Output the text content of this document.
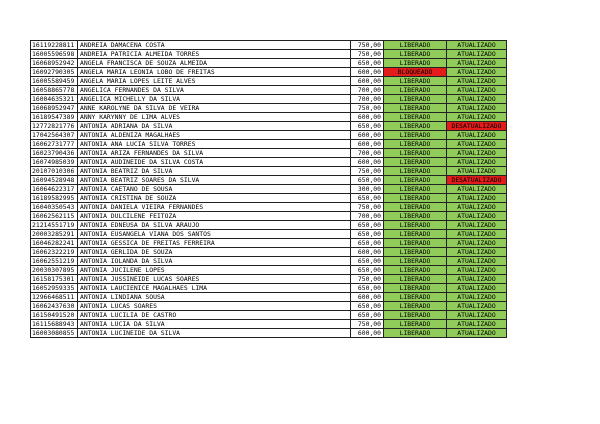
16119228811	ANDREIA DAMACENA COSTA	750,00	LIBERADO	ATUALIZADO
16005596598	ANDREIA PATRICIA ALMEIDA TORRES	750,00	LIBERADO	ATUALIZADO
16068952942	ANGELA FRANCISCA DE SOUZA ALMEIDA	650,00	LIBERADO	ATUALIZADO
16092790305	ANGELA MARIA LEONIA LOBO DE FREITAS	600,00	BLOQUEADO	ATUALIZADO
16005589459	ANGELA MARIA LOPES LEITE ALVES	600,00	LIBERADO	ATUALIZADO
16058865778	ANGELICA FERNANDES DA SILVA	700,00	LIBERADO	ATUALIZADO
16004635321	ANGELICA MICHELLY DA SILVA	700,00	LIBERADO	ATUALIZADO
16068952947	ANNE KAROLYNE DA SILVA DE VEIRA	750,00	LIBERADO	ATUALIZADO
16189547389	ANNY KARYNNY DE LIMA ALVES	600,00	LIBERADO	ATUALIZADO
12772821776	ANTONIA ADRIANA DA SILVA	650,00	LIBERADO	DESATUALIZADO
17042564307	ANTONIA ALDENIZA MAGALHAES	600,00	LIBERADO	ATUALIZADO
16062731777	ANTONIA ANA LUCIA SILVA TORRES	600,00	LIBERADO	ATUALIZADO
16023790436	ANTONIA ARIZA FERNANDES DA SILVA	700,00	LIBERADO	ATUALIZADO
16074985039	ANTONIA AUDINEIDE DA SILVA COSTA	600,00	LIBERADO	ATUALIZADO
20107010306	ANTONIA BEATRIZ DA SILVA	750,00	LIBERADO	ATUALIZADO
16094528948	ANTONIA BEATRIZ SOARES DA SILVA	650,00	LIBERADO	DESATUALIZADO
16064622317	ANTONIA CAETANO DE SOUSA	300,00	LIBERADO	ATUALIZADO
16189582995	ANTONIA CRISTINA DE SOUZA	650,00	LIBERADO	ATUALIZADO
16040350543	ANTONIA DANIELA VIEIRA FERNANDES	750,00	LIBERADO	ATUALIZADO
16062562115	ANTONIA DULCILENE FEITOZA	700,00	LIBERADO	ATUALIZADO
21214551719	ANTONIA EDNEUSA DA SILVA ARAUJO	650,00	LIBERADO	ATUALIZADO
20003285291	ANTONIA EUSANGELA VIANA DOS SANTOS	650,00	LIBERADO	ATUALIZADO
16046282241	ANTONIA GESSICA DE FREITAS FERREIRA	650,00	LIBERADO	ATUALIZADO
16062322219	ANTONIA GERLIDA DE SOUZA	600,00	LIBERADO	ATUALIZADO
16062551219	ANTONIA IOLANDA DA SILVA	650,00	LIBERADO	ATUALIZADO
20030307895	ANTONIA JUCILENE LOPES	650,00	LIBERADO	ATUALIZADO
16158175301	ANTONIA JUSSINEIDE LUCAS SOARES	750,00	LIBERADO	ATUALIZADO
16052959335	ANTONIA LAUCIENICE MAGALHAES LIMA	650,00	LIBERADO	ATUALIZADO
12966468511	ANTONIA LINDIANA SOUSA	600,00	LIBERADO	ATUALIZADO
16062437630	ANTONIA LUCAS SOARES	650,00	LIBERADO	ATUALIZADO
16150491520	ANTONIA LUCILIA DE CASTRO	650,00	LIBERADO	ATUALIZADO
16115688943	ANTONIA LUCIA DA SILVA	750,00	LIBERADO	ATUALIZADO
16003080855	ANTONIA LUCINEIDE DA SILVA	600,00	LIBERADO	ATUALIZADO
